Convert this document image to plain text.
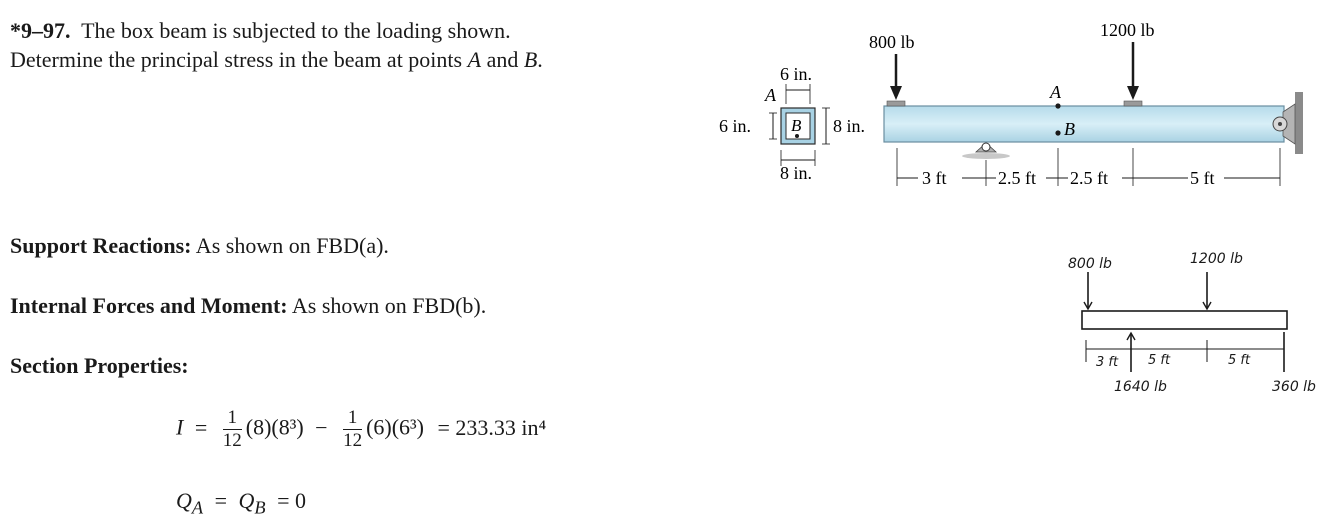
*9–97. The box beam is subjected to the loading shown.
Determine the principal stress in the beam at points A and B.
Support Reactions: As shown on FBD(a).
Internal Forces and Moment: As shown on FBD(b).
Section Properties:
$I = \frac{1}{12} (8)(8^3) - \frac{1}{12} (6)(6^3) = 233.33$ in⁴
$Q_A = Q_B = 0$
6 in.
A
6 in.	8 in.
B
8 in.
800 lb
1200 lb
A
B
3 ft	2.5 ft 2.5 ft	5 ft
3 ft 5 ft	5 ft
800 lb	1200 lb
1640 lb	360 lb
